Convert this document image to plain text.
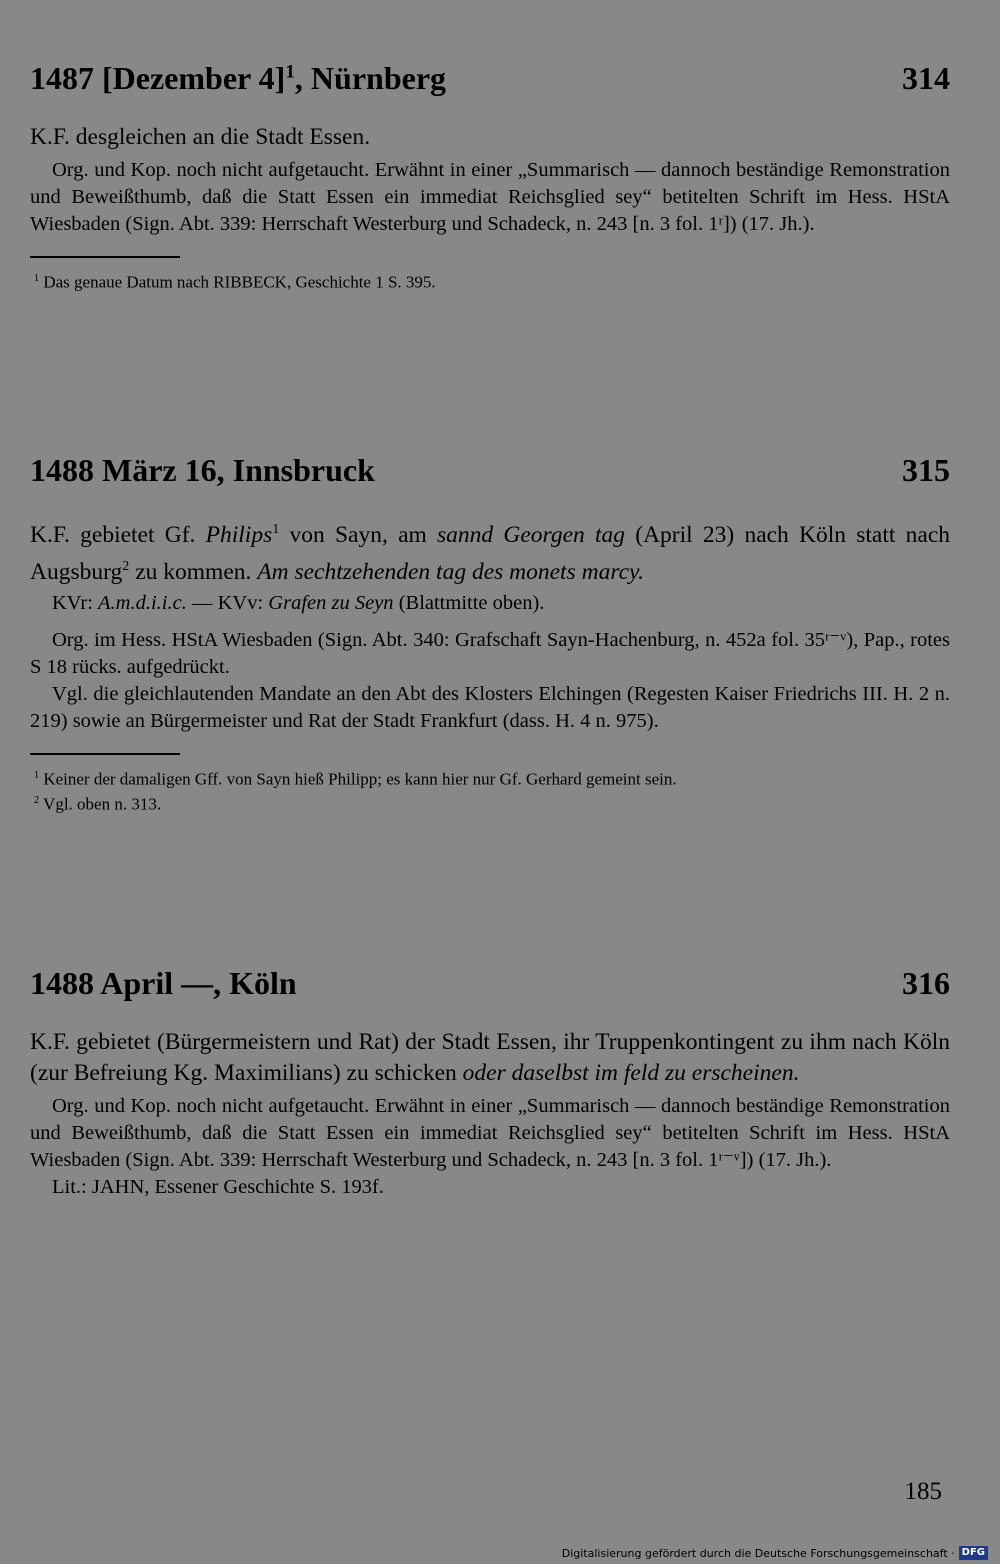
1487 [Dezember 4]$^1$, Nürnberg	314

K.F. desgleichen an die Stadt Essen.

Org. und Kop. noch nicht aufgetaucht. Erwähnt in einer „Summarisch — dannoch beständige Remonstration und Beweißthumb, daß die Statt Essen ein immediat Reichsglied sey“ betitelten Schrift im Hess. HStA Wiesbaden (Sign. Abt. 339: Herrschaft Westerburg und Schadeck, n. 243 [n. 3 fol. 1ʳ]) (17. Jh.).

$^1$ Das genaue Datum nach RIBBECK, Geschichte 1 S. 395.

1488 März 16, Innsbruck	315

K.F. gebietet Gf. Philips$^1$ von Sayn, am sannd Georgen tag (April 23) nach Köln statt nach Augsburg$^2$ zu kommen. Am sechtzehenden tag des monets marcy.

KVr: A.m.d.i.i.c. — KVv: Grafen zu Seyn (Blattmitte oben).

Org. im Hess. HStA Wiesbaden (Sign. Abt. 340: Grafschaft Sayn-Hachenburg, n. 452a fol. 35ʳ⁻ᵛ), Pap., rotes S 18 rücks. aufgedrückt.

Vgl. die gleichlautenden Mandate an den Abt des Klosters Elchingen (Regesten Kaiser Friedrichs III. H. 2 n. 219) sowie an Bürgermeister und Rat der Stadt Frankfurt (dass. H. 4 n. 975).

$^1$ Keiner der damaligen Gff. von Sayn hieß Philipp; es kann hier nur Gf. Gerhard gemeint sein.

$^2$ Vgl. oben n. 313.

1488 April —, Köln	316

K.F. gebietet (Bürgermeistern und Rat) der Stadt Essen, ihr Truppenkontingent zu ihm nach Köln (zur Befreiung Kg. Maximilians) zu schicken oder daselbst im feld zu erscheinen.

Org. und Kop. noch nicht aufgetaucht. Erwähnt in einer „Summarisch — dannoch beständige Remonstration und Beweißthumb, daß die Statt Essen ein immediat Reichsglied sey“ betitelten Schrift im Hess. HStA Wiesbaden (Sign. Abt. 339: Herrschaft Westerburg und Schadeck, n. 243 [n. 3 fol. 1ʳ⁻ᵛ]) (17. Jh.).

Lit.: JAHN, Essener Geschichte S. 193f.

185
Digitalisierung gefördert durch die Deutsche Forschungsgemeinschaft · DFG
